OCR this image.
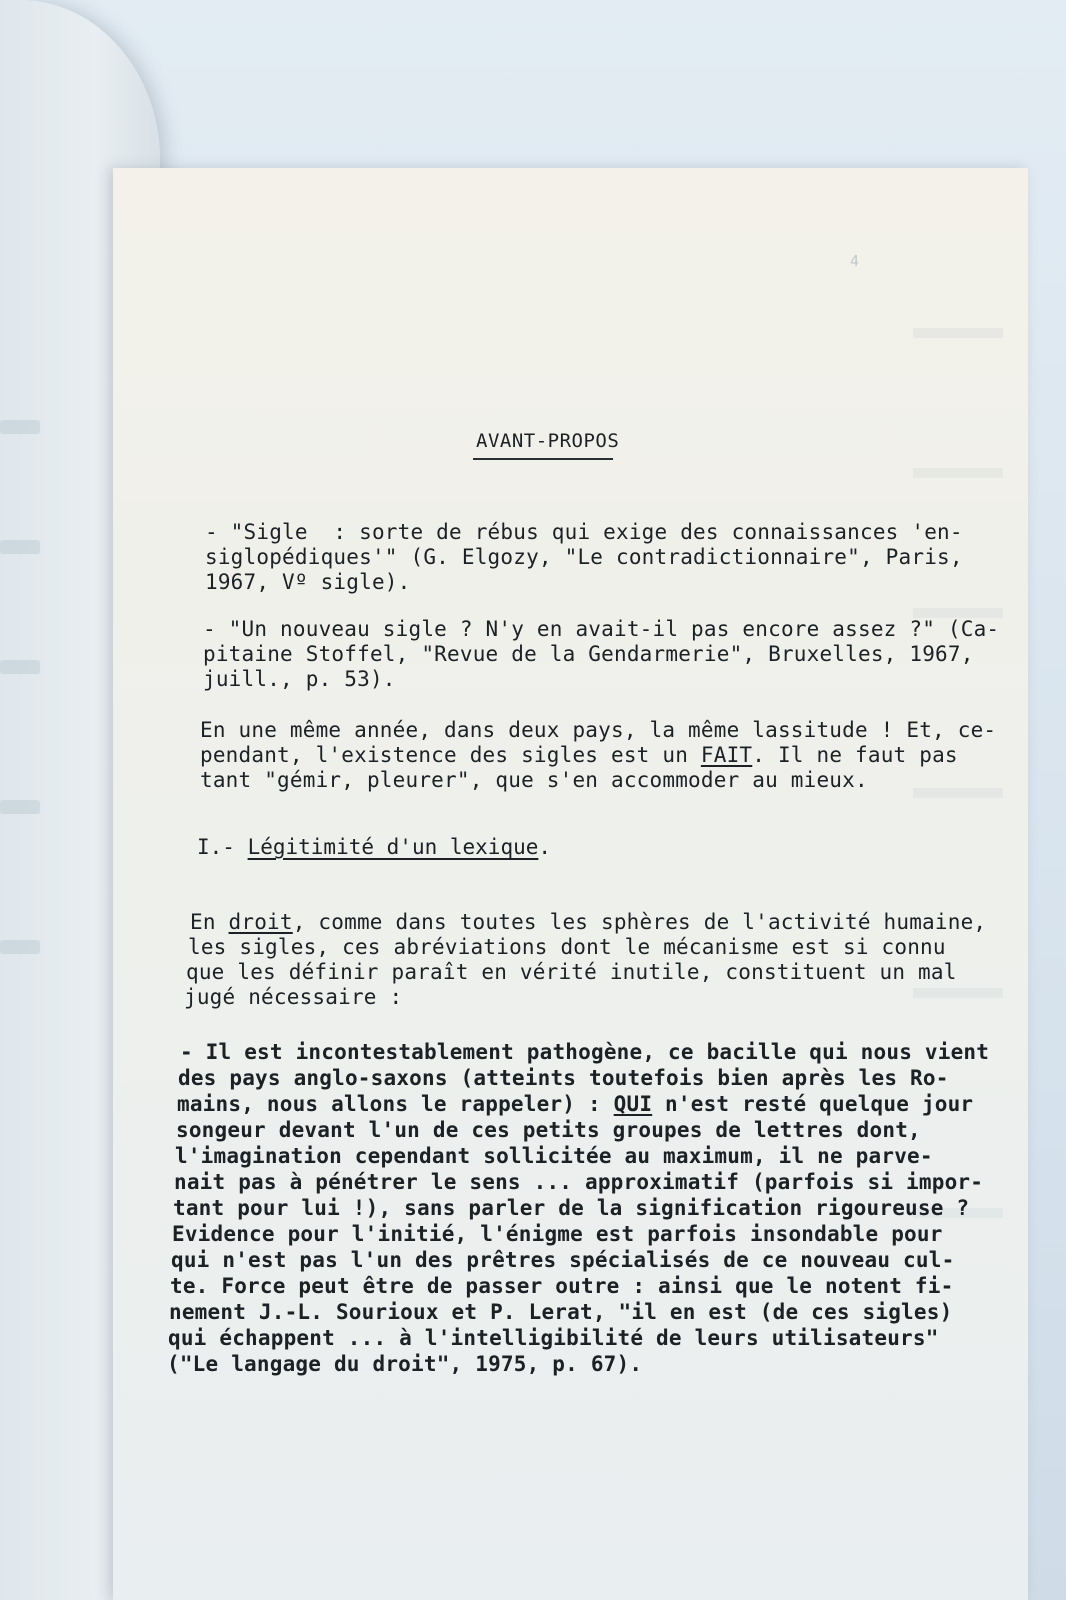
4
AVANT-PROPOS
- "Sigle  : sorte de rébus qui exige des connaissances 'en-
siglopédiques'" (G. Elgozy, "Le contradictionnaire", Paris,
1967, Vº sigle).
- "Un nouveau sigle ? N'y en avait-il pas encore assez ?" (Ca-
pitaine Stoffel, "Revue de la Gendarmerie", Bruxelles, 1967,
juill., p. 53).
En une même année, dans deux pays, la même lassitude ! Et, ce-
pendant, l'existence des sigles est un FAIT. Il ne faut pas
tant "gémir, pleurer", que s'en accommoder au mieux.
I.- Légitimité d'un lexique.
En droit, comme dans toutes les sphères de l'activité humaine,
les sigles, ces abréviations dont le mécanisme est si connu
que les définir paraît en vérité inutile, constituent un mal
jugé nécessaire :
- Il est incontestablement pathogène, ce bacille qui nous vient
des pays anglo-saxons (atteints toutefois bien après les Ro-
mains, nous allons le rappeler) : QUI n'est resté quelque jour
songeur devant l'un de ces petits groupes de lettres dont,
l'imagination cependant sollicitée au maximum, il ne parve-
nait pas à pénétrer le sens ... approximatif (parfois si impor-
tant pour lui !), sans parler de la signification rigoureuse ?
Evidence pour l'initié, l'énigme est parfois insondable pour
qui n'est pas l'un des prêtres spécialisés de ce nouveau cul-
te. Force peut être de passer outre : ainsi que le notent fi-
nement J.-L. Sourioux et P. Lerat, "il en est (de ces sigles)
qui échappent ... à l'intelligibilité de leurs utilisateurs"
("Le langage du droit", 1975, p. 67).
